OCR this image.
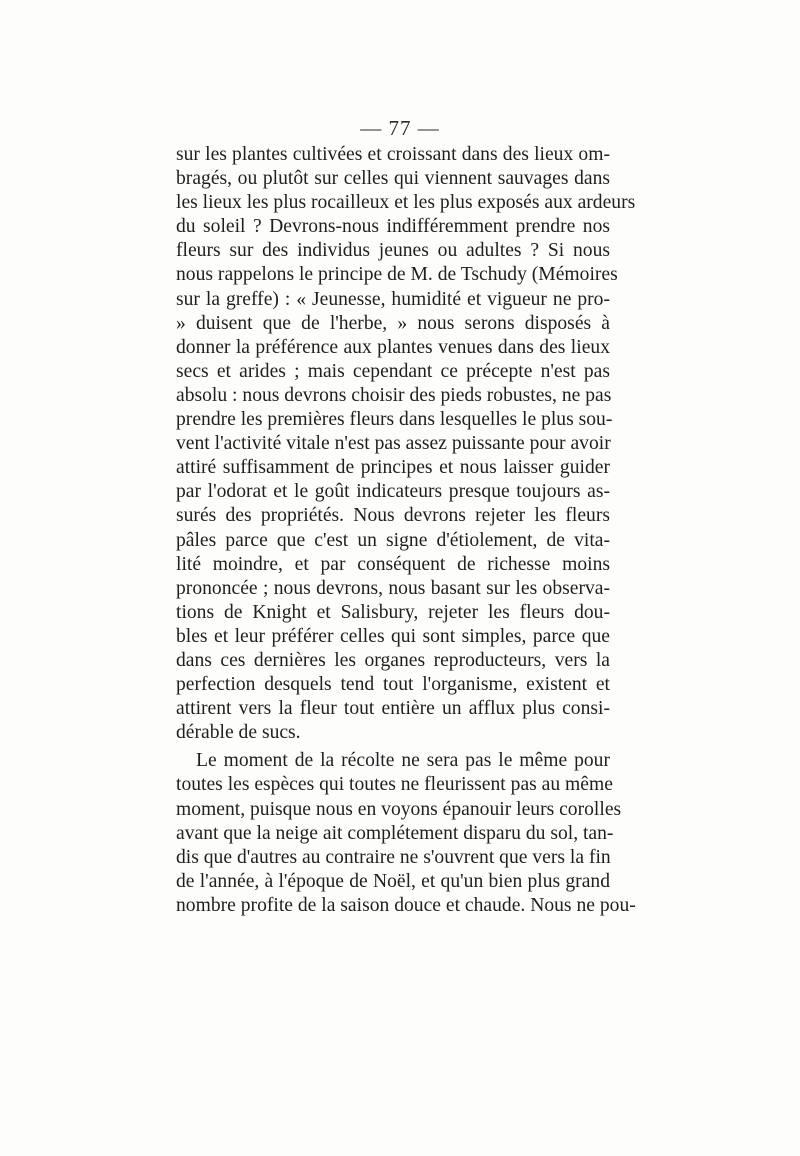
— 77 —
sur les plantes cultivées et croissant dans des lieux om-
bragés, ou plutôt sur celles qui viennent sauvages dans
les lieux les plus rocailleux et les plus exposés aux ardeurs
du soleil ? Devrons-nous indifféremment prendre nos
fleurs sur des individus jeunes ou adultes ? Si nous
nous rappelons le principe de M. de Tschudy (Mémoires
sur la greffe) : « Jeunesse, humidité et vigueur ne pro-
» duisent que de l'herbe, » nous serons disposés à
donner la préférence aux plantes venues dans des lieux
secs et arides ; mais cependant ce précepte n'est pas
absolu : nous devrons choisir des pieds robustes, ne pas
prendre les premières fleurs dans lesquelles le plus sou-
vent l'activité vitale n'est pas assez puissante pour avoir
attiré suffisamment de principes et nous laisser guider
par l'odorat et le goût indicateurs presque toujours as-
surés des propriétés. Nous devrons rejeter les fleurs
pâles parce que c'est un signe d'étiolement, de vita-
lité moindre, et par conséquent de richesse moins
prononcée ; nous devrons, nous basant sur les observa-
tions de Knight et Salisbury, rejeter les fleurs dou-
bles et leur préférer celles qui sont simples, parce que
dans ces dernières les organes reproducteurs, vers la
perfection desquels tend tout l'organisme, existent et
attirent vers la fleur tout entière un afflux plus consi-
dérable de sucs.
Le moment de la récolte ne sera pas le même pour
toutes les espèces qui toutes ne fleurissent pas au même
moment, puisque nous en voyons épanouir leurs corolles
avant que la neige ait complétement disparu du sol, tan-
dis que d'autres au contraire ne s'ouvrent que vers la fin
de l'année, à l'époque de Noël, et qu'un bien plus grand
nombre profite de la saison douce et chaude. Nous ne pou-
